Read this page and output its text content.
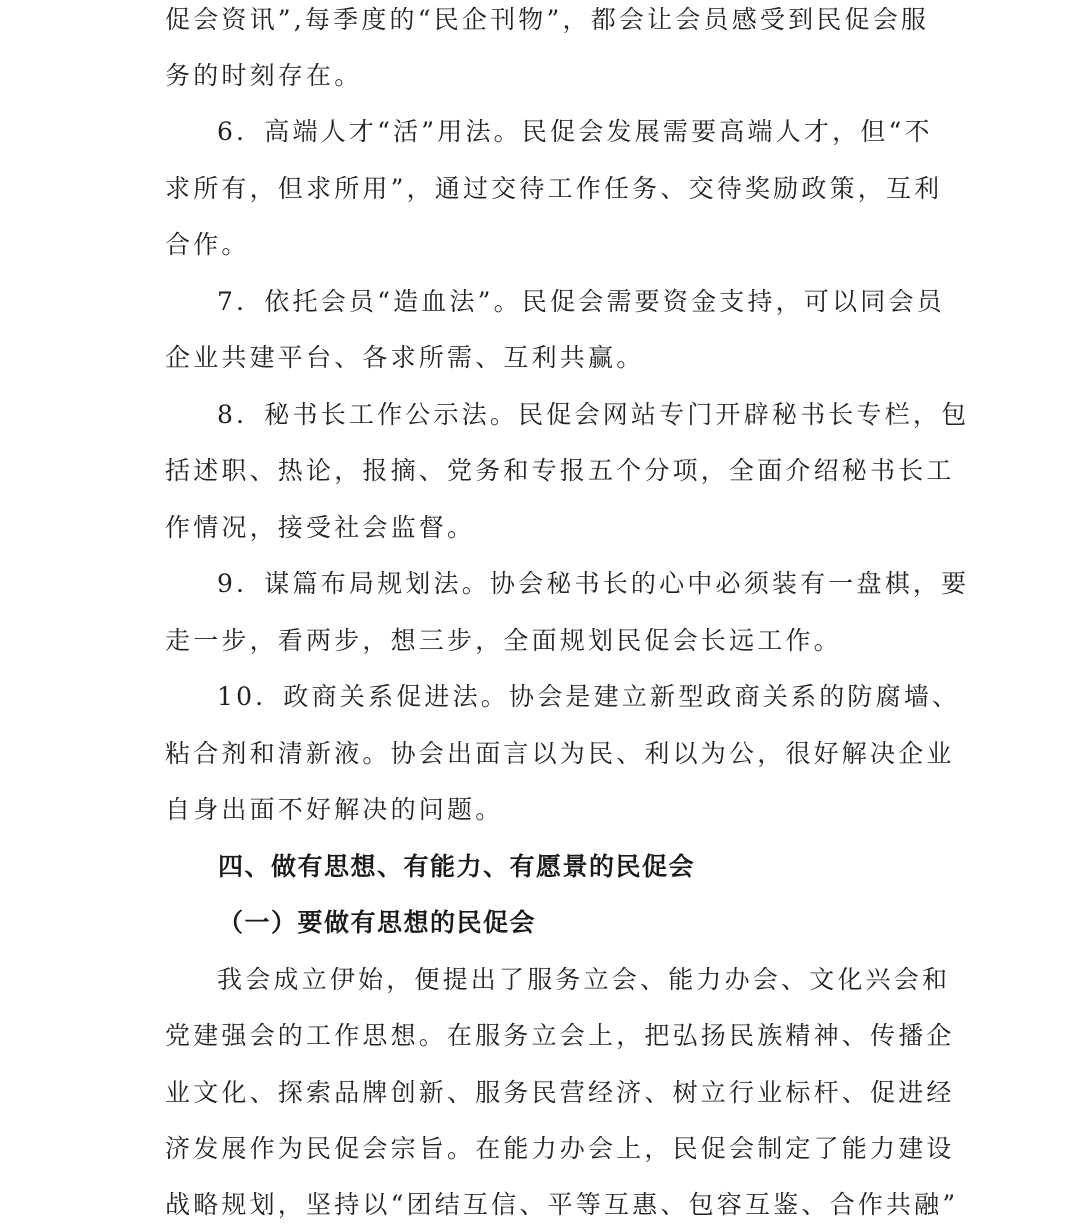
促会资讯”,每季度的“民企刊物”，都会让会员感受到民促会服
务的时刻存在。
6．高端人才“活”用法。民促会发展需要高端人才，但“不
求所有，但求所用”，通过交待工作任务、交待奖励政策，互利
合作。
7．依托会员“造血法”。民促会需要资金支持，可以同会员
企业共建平台、各求所需、互利共赢。
8．秘书长工作公示法。民促会网站专门开辟秘书长专栏，包
括述职、热论，报摘、党务和专报五个分项，全面介绍秘书长工
作情况，接受社会监督。
9．谋篇布局规划法。协会秘书长的心中必须装有一盘棋，要
走一步，看两步，想三步，全面规划民促会长远工作。
10．政商关系促进法。协会是建立新型政商关系的防腐墙、
粘合剂和清新液。协会出面言以为民、利以为公，很好解决企业
自身出面不好解决的问题。
四、做有思想、有能力、有愿景的民促会
（一）要做有思想的民促会
我会成立伊始，便提出了服务立会、能力办会、文化兴会和
党建强会的工作思想。在服务立会上，把弘扬民族精神、传播企
业文化、探索品牌创新、服务民营经济、树立行业标杆、促进经
济发展作为民促会宗旨。在能力办会上，民促会制定了能力建设
战略规划，坚持以“团结互信、平等互惠、包容互鉴、合作共融”
